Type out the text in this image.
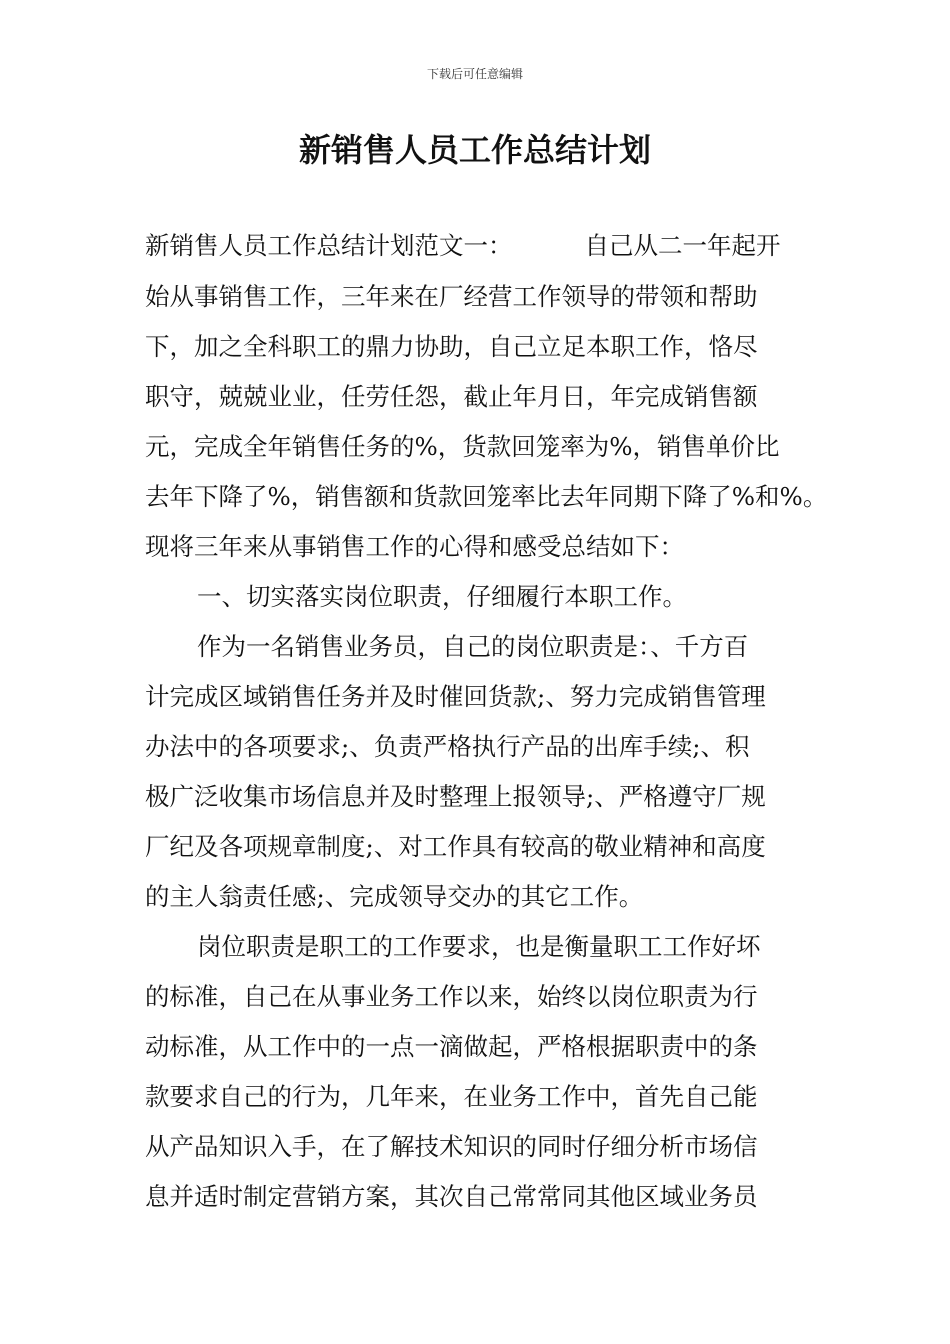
下载后可任意编辑
新销售人员工作总结计划
新销售人员工作总结计划范文一：	自己从二一年起开
始从事销售工作，三年来在厂经营工作领导的带领和帮助
下，加之全科职工的鼎力协助，自己立足本职工作，恪尽
职守，兢兢业业，任劳任怨，截止年月日，年完成销售额
元，完成全年销售任务的%，货款回笼率为%，销售单价比
去年下降了%，销售额和货款回笼率比去年同期下降了%和%。
现将三年来从事销售工作的心得和感受总结如下：
一、切实落实岗位职责，仔细履行本职工作。
作为一名销售业务员，自己的岗位职责是：、千方百
计完成区域销售任务并及时催回货款;、努力完成销售管理
办法中的各项要求;、负责严格执行产品的出库手续;、积
极广泛收集市场信息并及时整理上报领导;、严格遵守厂规
厂纪及各项规章制度;、对工作具有较高的敬业精神和高度
的主人翁责任感;、完成领导交办的其它工作。
岗位职责是职工的工作要求，也是衡量职工工作好坏
的标准，自己在从事业务工作以来，始终以岗位职责为行
动标准，从工作中的一点一滴做起，严格根据职责中的条
款要求自己的行为，几年来，在业务工作中，首先自己能
从产品知识入手，在了解技术知识的同时仔细分析市场信
息并适时制定营销方案，其次自己常常同其他区域业务员
